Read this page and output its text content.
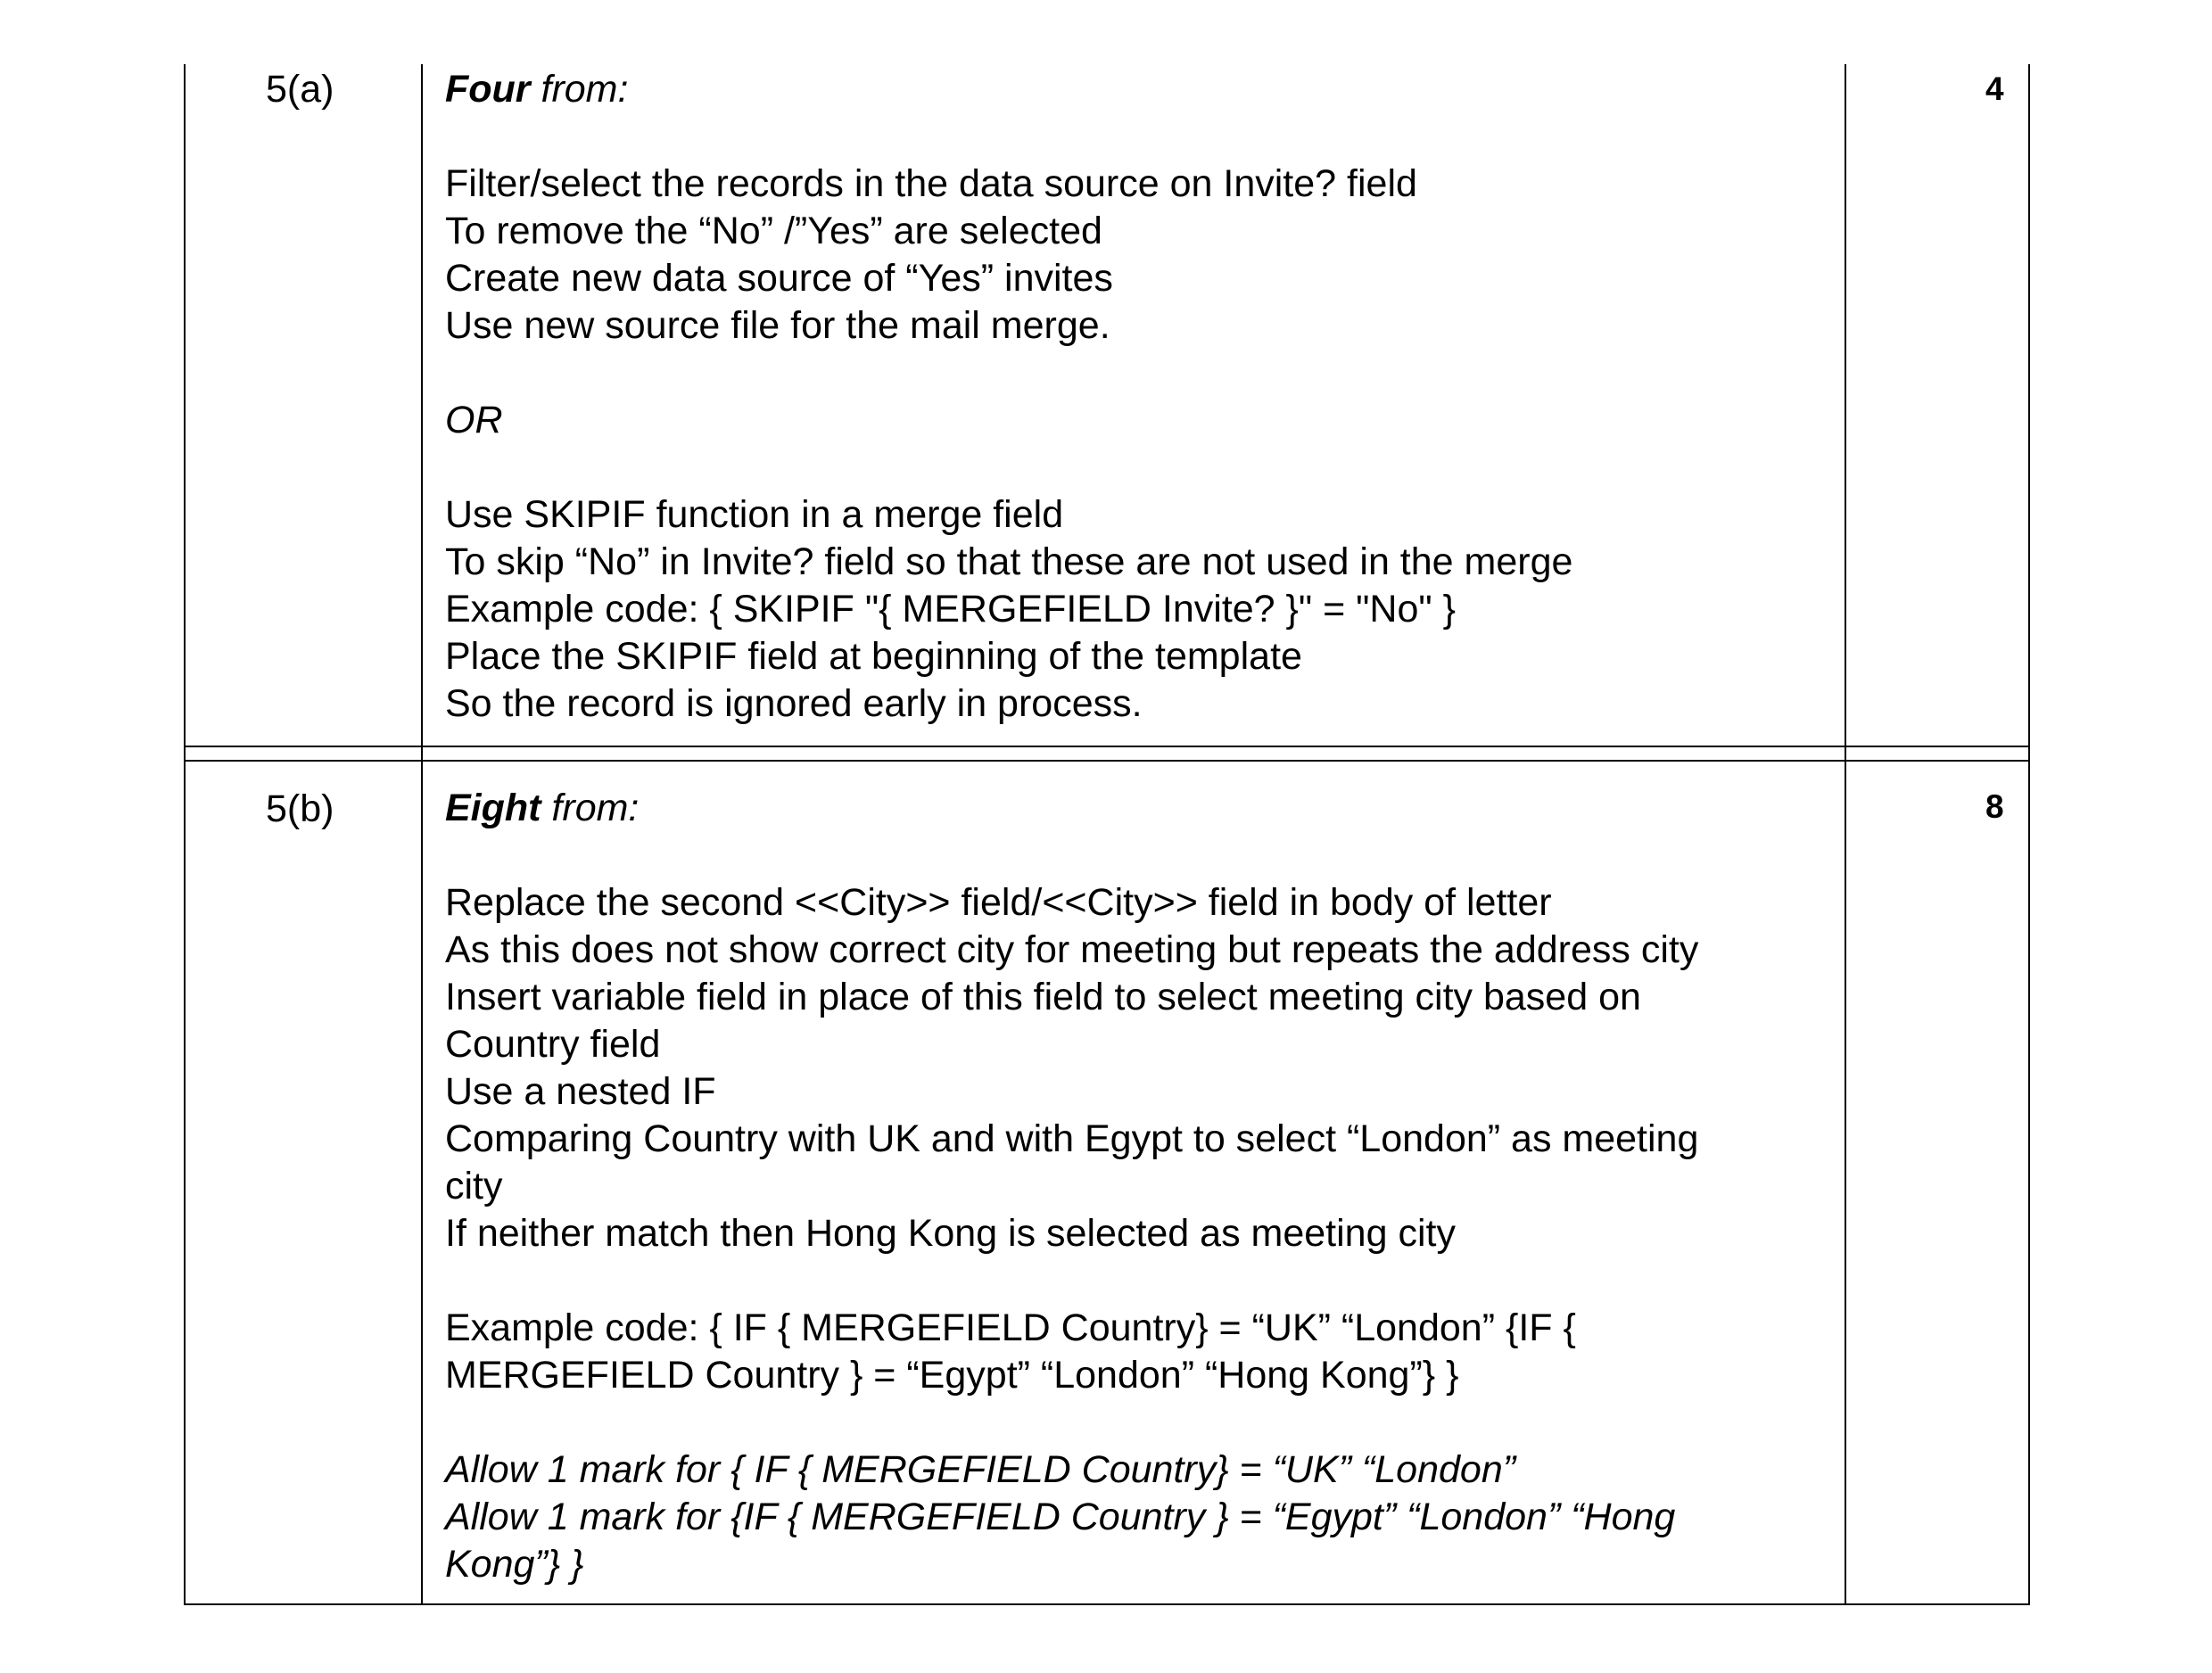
5(a)	4
Four from:
Filter/select the records in the data source on Invite? field
To remove the “No” /”Yes” are selected
Create new data source of “Yes” invites
Use new source file for the mail merge.
OR
Use SKIPIF function in a merge field
To skip “No” in Invite? field so that these are not used in the merge
Example code: { SKIPIF "{ MERGEFIELD Invite? }" = "No" }
Place the SKIPIF field at beginning of the template
So the record is ignored early in process.
5(b)	8
Eight from:
Replace the second <<City>> field/<<City>> field in body of letter
As this does not show correct city for meeting but repeats the address city
Insert variable field in place of this field to select meeting city based on
Country field
Use a nested IF
Comparing Country with UK and with Egypt to select “London” as meeting
city
If neither match then Hong Kong is selected as meeting city
Example code: { IF { MERGEFIELD Country} = “UK” “London” {IF {
MERGEFIELD Country } = “Egypt” “London” “Hong Kong”} }
Allow 1 mark for { IF { MERGEFIELD Country} = “UK” “London”
Allow 1 mark for {IF { MERGEFIELD Country } = “Egypt” “London” “Hong
Kong”} }
